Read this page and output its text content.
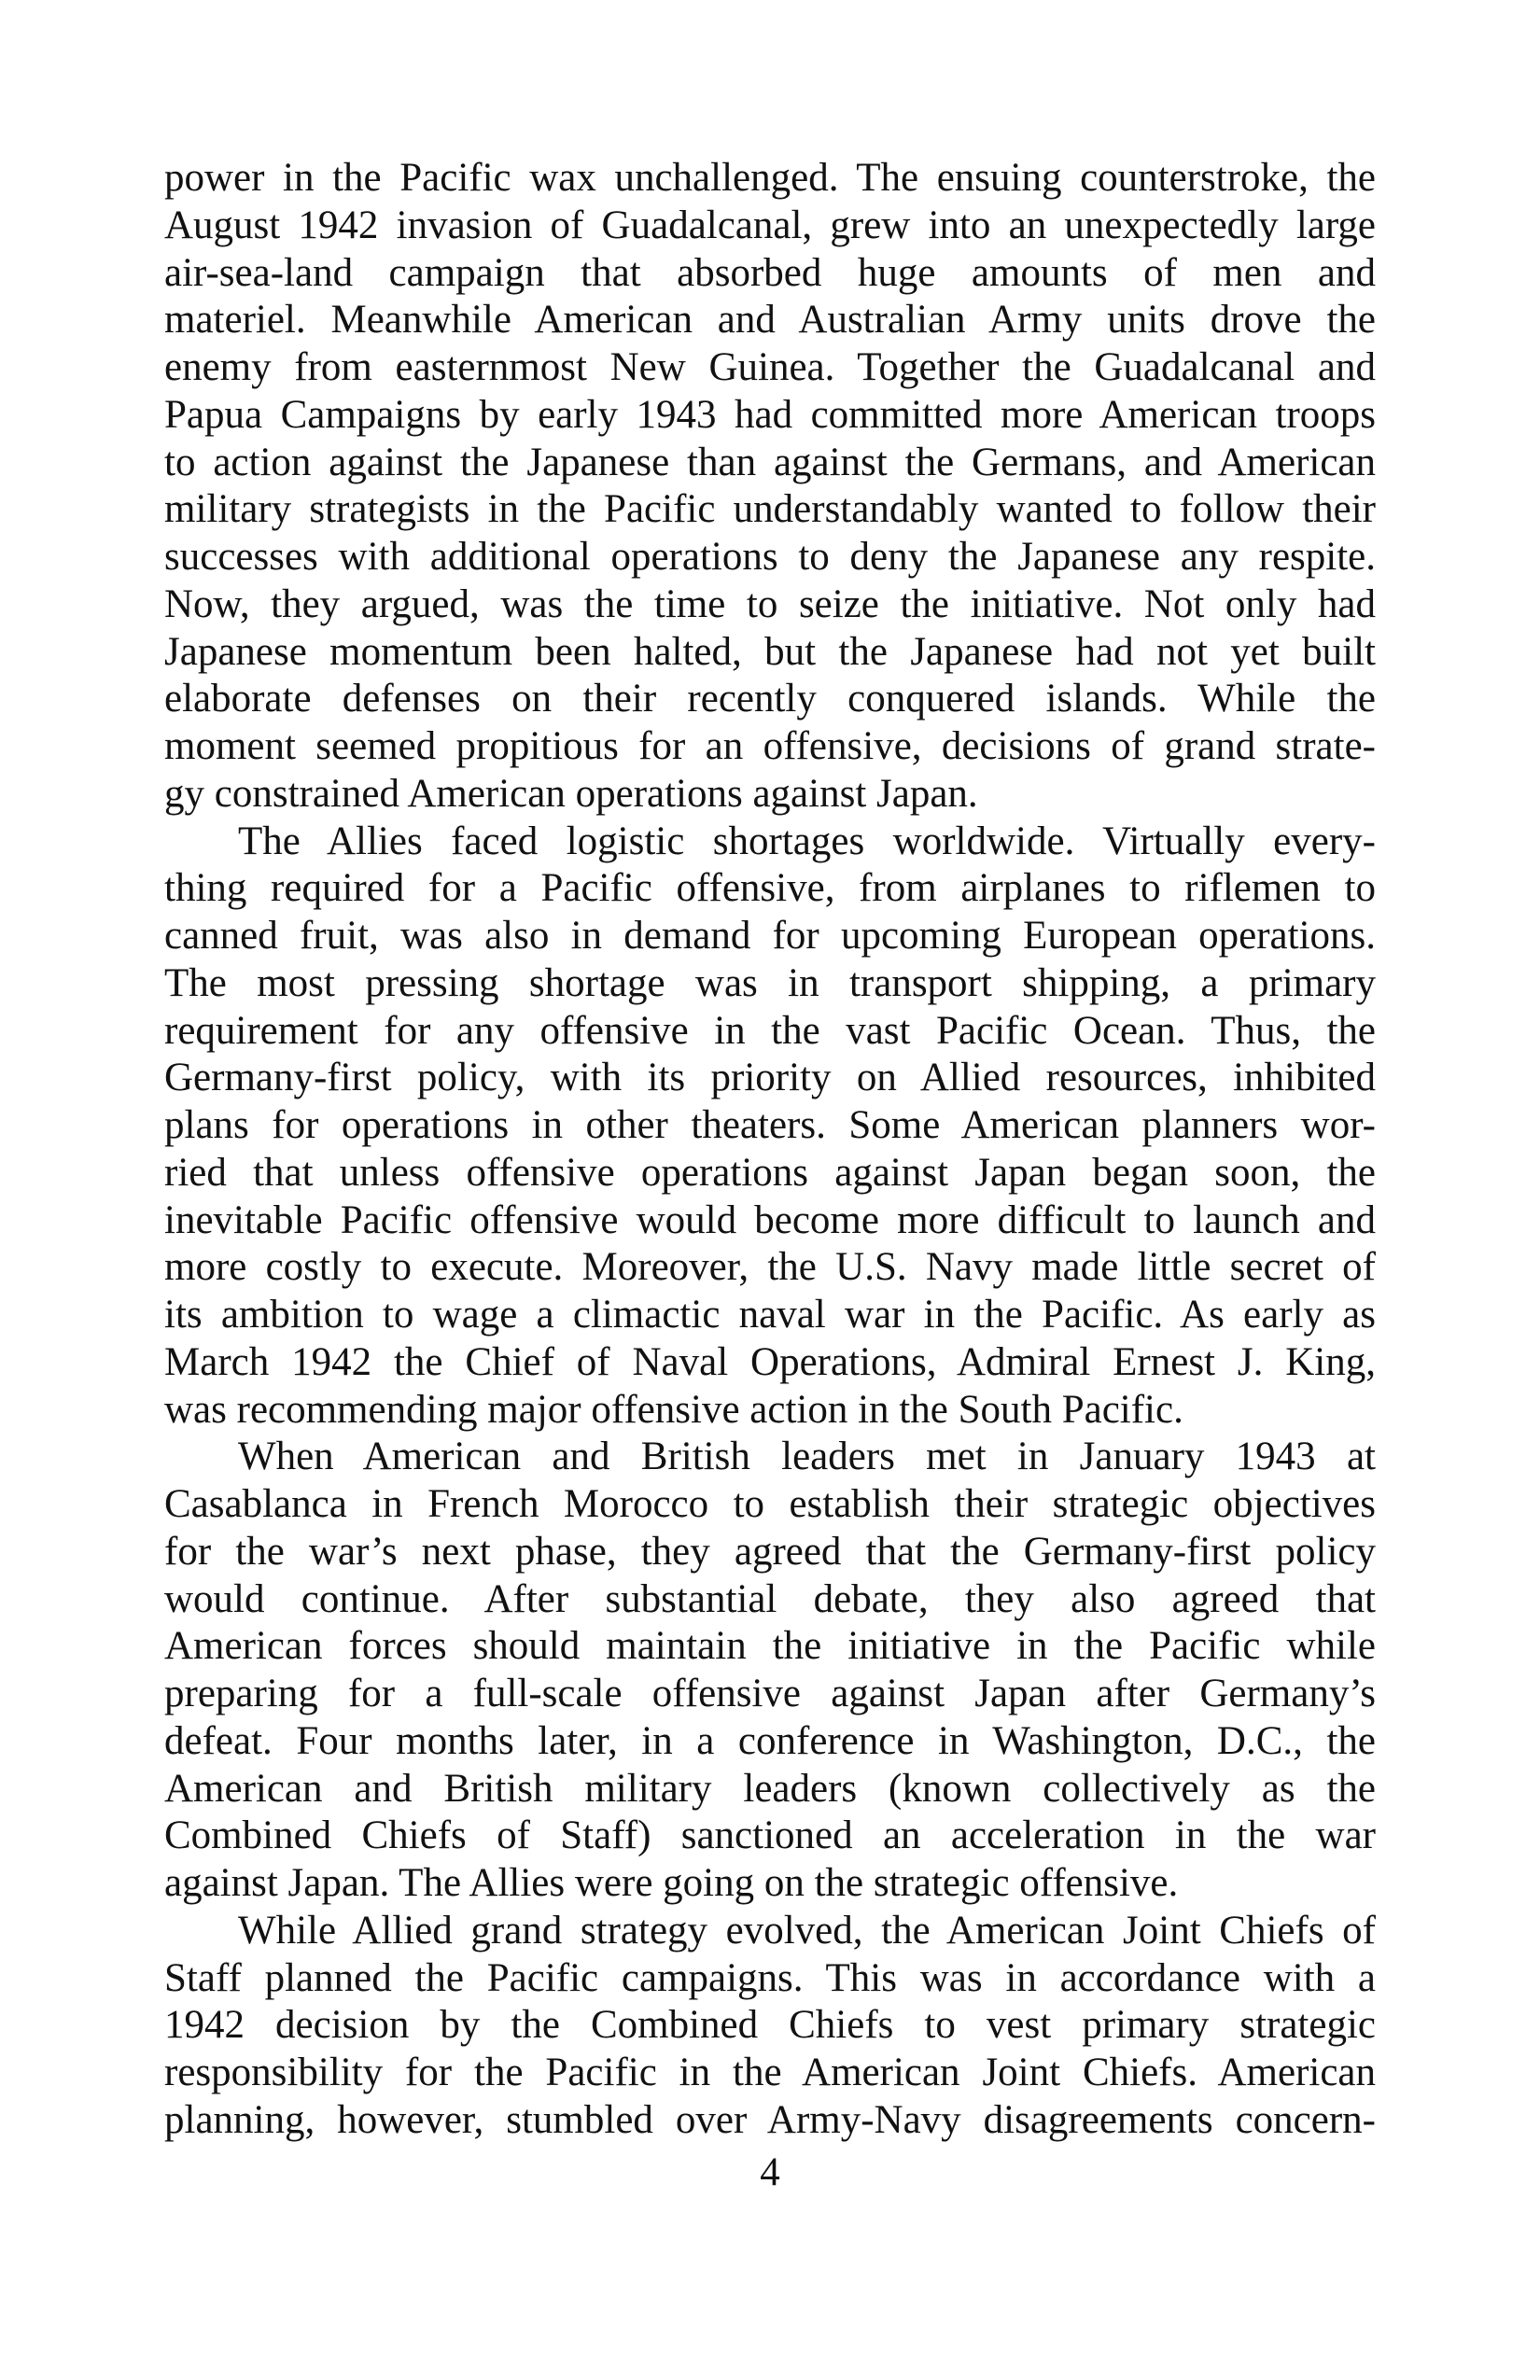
power in the Pacific wax unchallenged. The ensuing counterstroke, the
August 1942 invasion of Guadalcanal, grew into an unexpectedly large
air-sea-land campaign that absorbed huge amounts of men and
materiel. Meanwhile American and Australian Army units drove the
enemy from easternmost New Guinea. Together the Guadalcanal and
Papua Campaigns by early 1943 had committed more American troops
to action against the Japanese than against the Germans, and American
military strategists in the Pacific understandably wanted to follow their
successes with additional operations to deny the Japanese any respite.
Now, they argued, was the time to seize the initiative. Not only had
Japanese momentum been halted, but the Japanese had not yet built
elaborate defenses on their recently conquered islands. While the
moment seemed propitious for an offensive, decisions of grand strate-
gy constrained American operations against Japan.
The Allies faced logistic shortages worldwide. Virtually every-
thing required for a Pacific offensive, from airplanes to riflemen to
canned fruit, was also in demand for upcoming European operations.
The most pressing shortage was in transport shipping, a primary
requirement for any offensive in the vast Pacific Ocean. Thus, the
Germany-first policy, with its priority on Allied resources, inhibited
plans for operations in other theaters. Some American planners wor-
ried that unless offensive operations against Japan began soon, the
inevitable Pacific offensive would become more difficult to launch and
more costly to execute. Moreover, the U.S. Navy made little secret of
its ambition to wage a climactic naval war in the Pacific. As early as
March 1942 the Chief of Naval Operations, Admiral Ernest J. King,
was recommending major offensive action in the South Pacific.
When American and British leaders met in January 1943 at
Casablanca in French Morocco to establish their strategic objectives
for the war’s next phase, they agreed that the Germany-first policy
would continue. After substantial debate, they also agreed that
American forces should maintain the initiative in the Pacific while
preparing for a full-scale offensive against Japan after Germany’s
defeat. Four months later, in a conference in Washington, D.C., the
American and British military leaders (known collectively as the
Combined Chiefs of Staff) sanctioned an acceleration in the war
against Japan. The Allies were going on the strategic offensive.
While Allied grand strategy evolved, the American Joint Chiefs of
Staff planned the Pacific campaigns. This was in accordance with a
1942 decision by the Combined Chiefs to vest primary strategic
responsibility for the Pacific in the American Joint Chiefs. American
planning, however, stumbled over Army-Navy disagreements concern-
4
